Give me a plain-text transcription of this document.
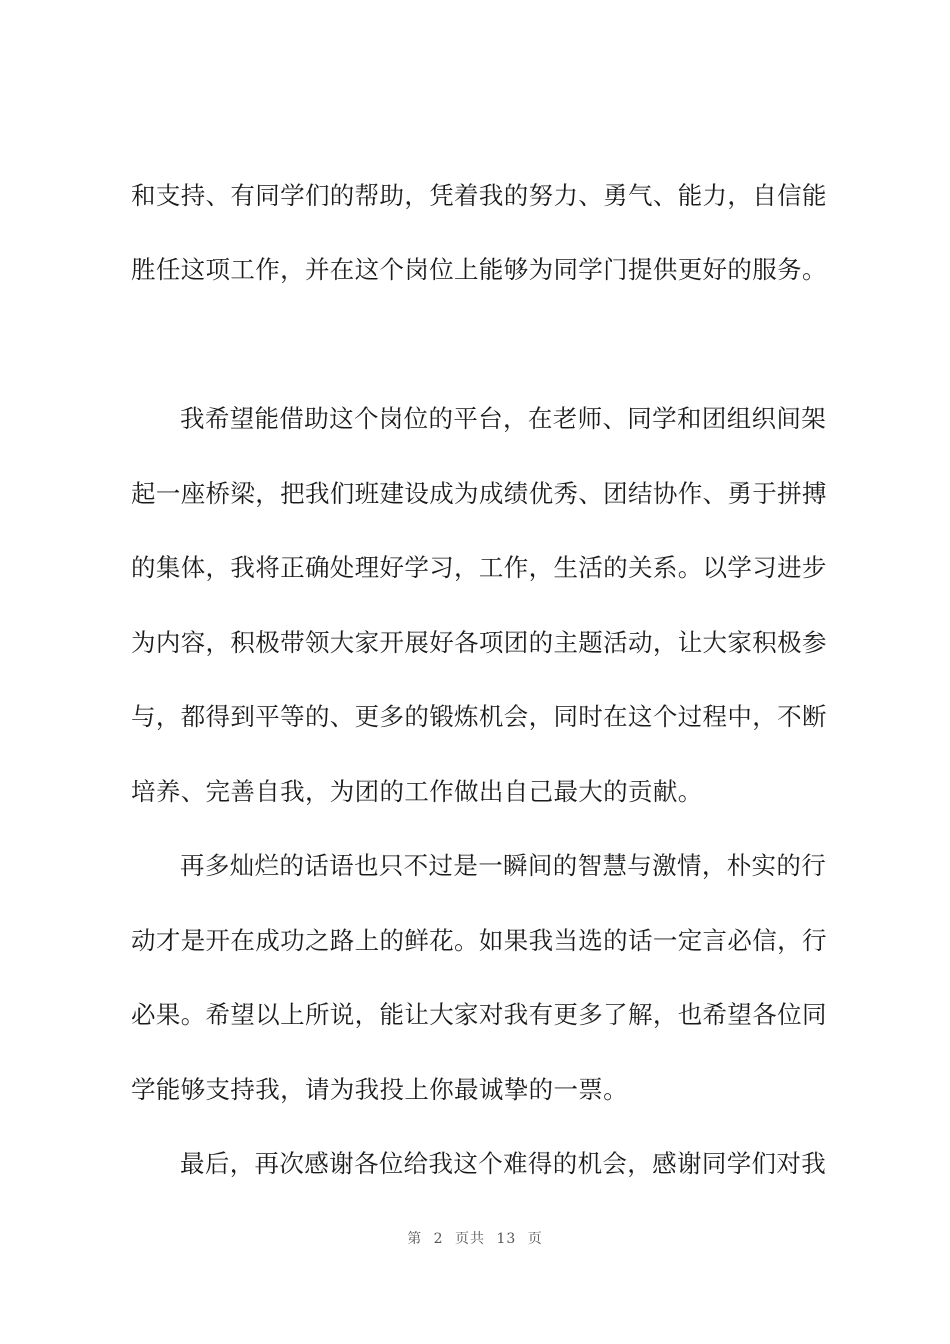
和支持、有同学们的帮助，凭着我的努力、勇气、能力，自信能
胜任这项工作，并在这个岗位上能够为同学门提供更好的服务。
我希望能借助这个岗位的平台，在老师、同学和团组织间架
起一座桥梁，把我们班建设成为成绩优秀、团结协作、勇于拼搏
的集体，我将正确处理好学习，工作，生活的关系。以学习进步
为内容，积极带领大家开展好各项团的主题活动，让大家积极参
与，都得到平等的、更多的锻炼机会，同时在这个过程中，不断
培养、完善自我，为团的工作做出自己最大的贡献。
再多灿烂的话语也只不过是一瞬间的智慧与激情，朴实的行
动才是开在成功之路上的鲜花。如果我当选的话一定言必信，行
必果。希望以上所说，能让大家对我有更多了解，也希望各位同
学能够支持我，请为我投上你最诚挚的一票。
最后，再次感谢各位给我这个难得的机会，感谢同学们对我
第 2 页共 13 页
